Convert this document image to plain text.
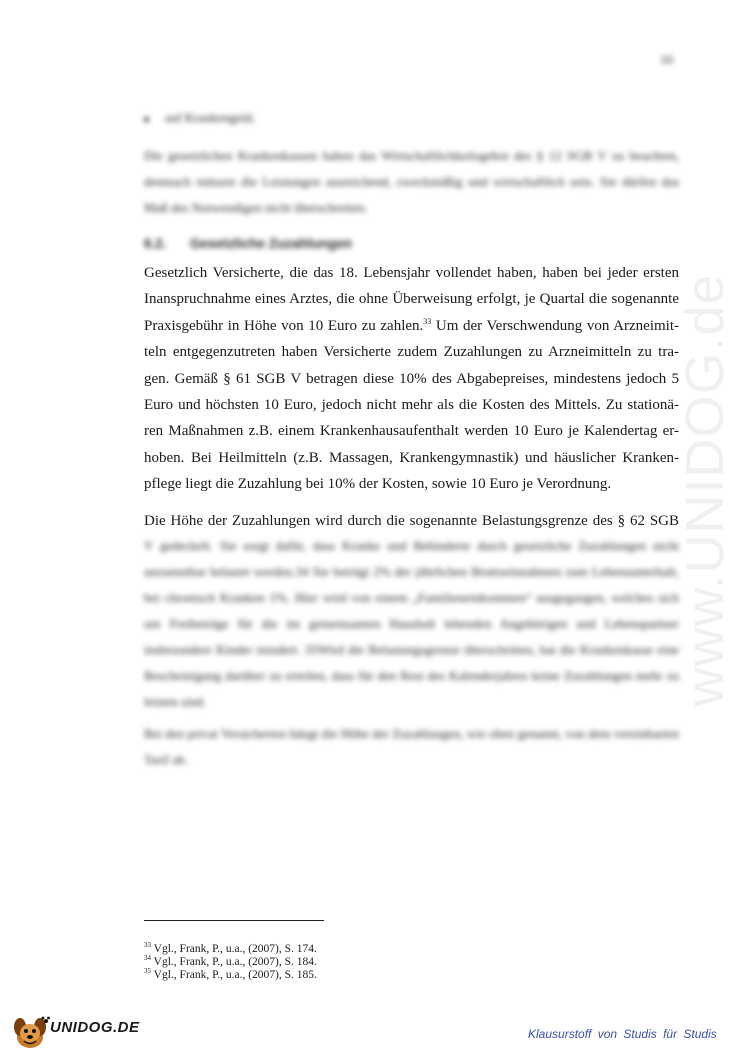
www.UNIDOG.de
10
auf Krankengeld.
Die gesetzlichen Krankenkassen haben das Wirtschaftlichkeitsgebot des § 12 SGB V zu beachten, demnach müssen die Leistungen ausreichend, zweckmäßig und wirtschaftlich sein. Sie dürfen das Maß des Notwendigen nicht überschreiten.
6.2. Gesetzliche Zuzahlungen
Gesetzlich Versicherte, die das 18. Lebensjahr vollendet haben, haben bei jeder ersten
Inanspruchnahme eines Arztes, die ohne Überweisung erfolgt, je Quartal die sogenannte
Praxisgebühr in Höhe von 10 Euro zu zahlen.$^{33}$ Um der Verschwendung von Arzneimit-
teln entgegenzutreten haben Versicherte zudem Zuzahlungen zu Arzneimitteln zu tra-
gen. Gemäß § 61 SGB V betragen diese 10% des Abgabepreises, mindestens jedoch 5
Euro und höchsten 10 Euro, jedoch nicht mehr als die Kosten des Mittels. Zu stationä-
ren Maßnahmen z.B. einem Krankenhausaufenthalt werden 10 Euro je Kalendertag er-
hoben. Bei Heilmitteln (z.B. Massagen, Krankengymnastik) und häuslicher Kranken-
pflege liegt die Zuzahlung bei 10% der Kosten, sowie 10 Euro je Verordnung.
Die Höhe der Zuzahlungen wird durch die sogenannte Belastungsgrenze des § 62 SGB
V gedeckelt. Sie sorgt dafür, dass Kranke und Behinderte durch gesetzliche Zuzahlungen nicht unzumutbar belastet werden.34 Sie beträgt 2% der jährlichen Bruttoeinnahmen zum Lebensunterhalt, bei chronisch Kranken 1%. Hier wird von einem „Familieneinkommen“ ausgegangen, welches sich um Freibeträge für die im gemeinsamen Haushalt lebenden Angehörigen und Lebenspartner insbesondere Kinder mindert. 35Wird die Belastungsgrenze überschritten, hat die Krankenkasse eine Bescheinigung darüber zu erteilen, dass für den Rest des Kalenderjahres keine Zuzahlungen mehr zu leisten sind.
Bei den privat Versicherten hängt die Höhe der Zuzahlungen, wie oben genannt, von dem vereinbarten Tarif ab.
$^{33}$ Vgl., Frank, P., u.a., (2007), S. 174.
$^{34}$ Vgl., Frank, P., u.a., (2007), S. 184.
$^{35}$ Vgl., Frank, P., u.a., (2007), S. 185.
UNIDOG.DE	Klausurstoff von Studis für Studis
